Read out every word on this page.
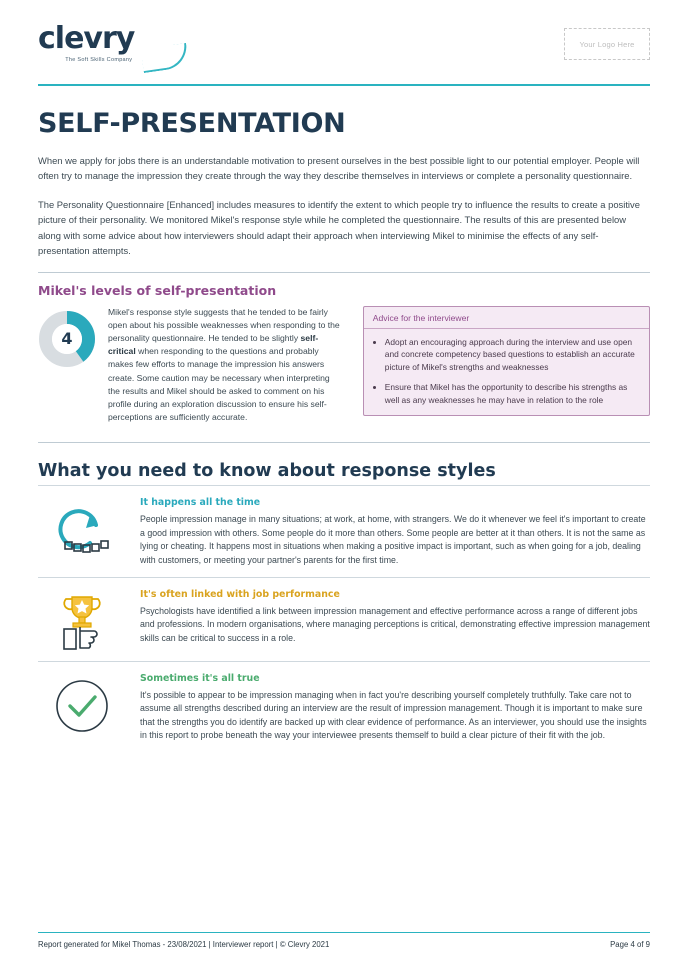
clevry
The Soft Skills Company
Your Logo Here
SELF-PRESENTATION

When we apply for jobs there is an understandable motivation to present ourselves in the best possible light to our potential employer. People will often try to manage the impression they create through the way they describe themselves in interviews or complete a personality questionnaire.

The Personality Questionnaire [Enhanced] includes measures to identify the extent to which people try to influence the results to create a positive picture of their personality. We monitored Mikel's response style while he completed the questionnaire. The results of this are presented below along with some advice about how interviewers should adapt their approach when interviewing Mikel to minimise the effects of any self-presentation attempts.

Mikel's levels of self-presentation
4
Mikel's response style suggests that he tended to be fairly open about his possible weaknesses when responding to the personality questionnaire. He tended to be slightly self-critical when responding to the questions and probably makes few efforts to manage the impression his answers create. Some caution may be necessary when interpreting the results and Mikel should be asked to comment on his profile during an exploration discussion to ensure his self-perceptions are sufficiently accurate.
Advice for the interviewer
• Adopt an encouraging approach during the interview and use open and concrete competency based questions to establish an accurate picture of Mikel's strengths and weaknesses
• Ensure that Mikel has the opportunity to describe his strengths as well as any weaknesses he may have in relation to the role
What you need to know about response styles
It happens all the time
People impression manage in many situations; at work, at home, with strangers. We do it whenever we feel it's important to create a good impression with others. Some people do it more than others. Some people are better at it than others. It is not the same as lying or cheating. It happens most in situations when making a positive impact is important, such as when going for a job, dealing with customers, or meeting your partner's parents for the first time.
It's often linked with job performance
Psychologists have identified a link between impression management and effective performance across a range of different jobs and professions. In modern organisations, where managing perceptions is critical, demonstrating effective impression management skills can be critical to success in a role.
Sometimes it's all true
It's possible to appear to be impression managing when in fact you're describing yourself completely truthfully. Take care not to assume all strengths described during an interview are the result of impression management. Though it is important to make sure that the strengths you do identify are backed up with clear evidence of performance. As an interviewer, you should use the insights in this report to probe beneath the way your interviewee presents themself to build a clear picture of their fit with the job.
Report generated for Mikel Thomas - 23/08/2021 | Interviewer report | © Clevry 2021	Page 4 of 9
